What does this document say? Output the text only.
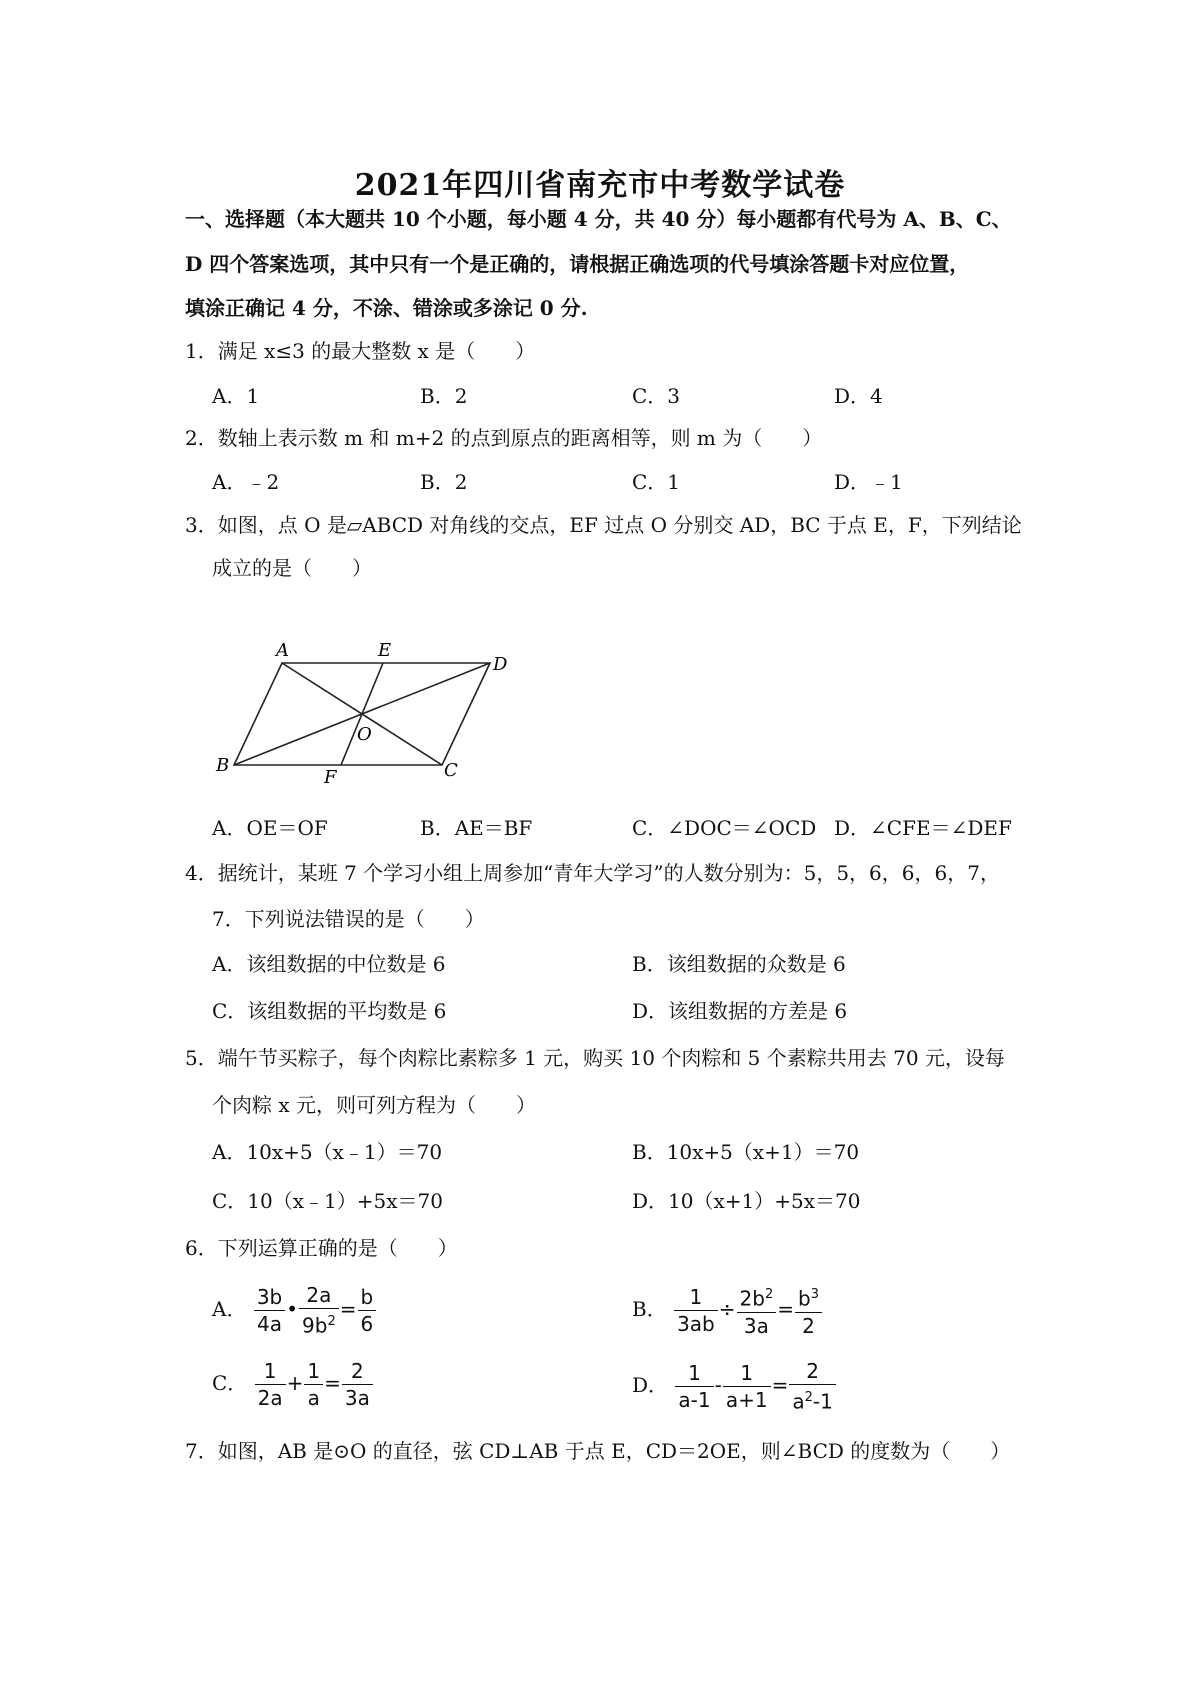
2021年四川省南充市中考数学试卷
一、选择题（本大题共 10 个小题，每小题 4 分，共 40 分）每小题都有代号为 A、B、C、
D 四个答案选项，其中只有一个是正确的，请根据正确选项的代号填涂答题卡对应位置，
填涂正确记 4 分，不涂、错涂或多涂记 0 分.
1．满足 x≤3 的最大整数 x 是（　　）
A．1	B．2	C．3	D．4
2．数轴上表示数 m 和 m+2 的点到原点的距离相等，则 m 为（　　）
A．﹣2	B．2	C．1	D．﹣1
3．如图，点 O 是▱ABCD 对角线的交点，EF 过点 O 分别交 AD，BC 于点 E，F，下列结论
成立的是（　　）
A	E
D
O
B
F	C
A．OE＝OF	B．AE＝BF	C．∠DOC＝∠OCD D．∠CFE＝∠DEF
4．据统计，某班 7 个学习小组上周参加“青年大学习”的人数分别为：5，5，6，6，6，7，
7．下列说法错误的是（　　）
A．该组数据的中位数是 6	B．该组数据的众数是 6
C．该组数据的平均数是 6	D．该组数据的方差是 6
5．端午节买粽子，每个肉粽比素粽多 1 元，购买 10 个肉粽和 5 个素粽共用去 70 元，设每
个肉粽 x 元，则可列方程为（　　）
A．10x+5（x﹣1）＝70	B．10x+5（x+1）＝70
C．10（x﹣1）+5x＝70	D．10（x+1）+5x＝70
6．下列运算正确的是（　　）
A． $\frac{3b}{4a}$ • $\frac{2a}{9b^2} = \frac{b}{6}$	B． $\frac{1}{3ab} \div \frac{2b^2}{3a} = \frac{b^3}{2}$
C． $\frac{1}{2a} + \frac{1}{a} = \frac{2}{3a}$	D． $\frac{1}{a-1} - \frac{1}{a+1} = \frac{2}{a^2-1}$
7．如图，AB 是⊙O 的直径，弦 CD⊥AB 于点 E，CD＝2OE，则∠BCD 的度数为（　　）
